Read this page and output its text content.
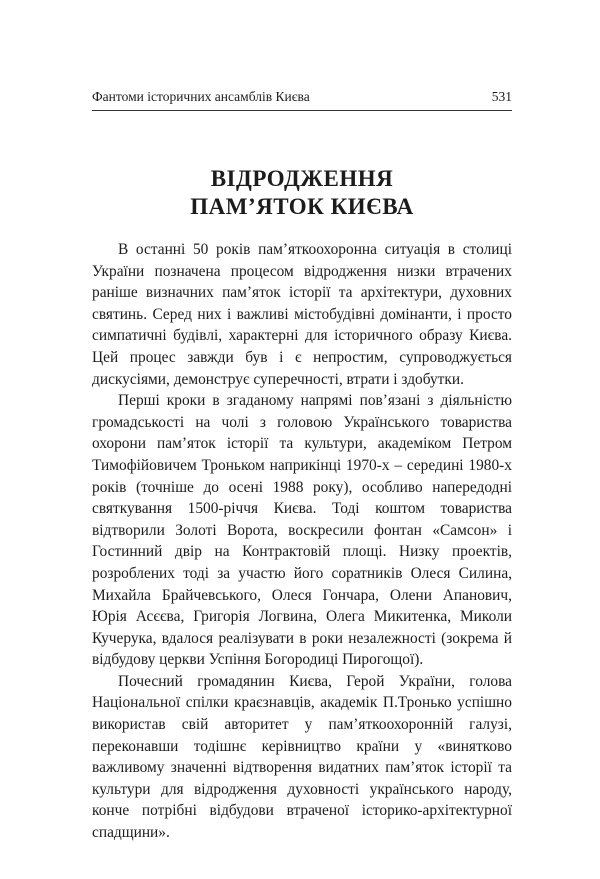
Фантоми історичних ансамблів Києва	531
ВІДРОДЖЕННЯ
ПАМ’ЯТОК КИЄВА

В останні 50 років пам’яткоохоронна ситуація в столиці України позначена процесом відродження низки втрачених раніше визначних пам’яток історії та архітектури, духовних святинь. Серед них і важливі містобудівні домінанти, і просто симпатичні будівлі, характерні для історичного образу Києва. Цей процес завжди був і є непростим, супроводжується дискусіями, демонструє суперечності, втрати і здобутки.

Перші кроки в згаданому напрямі пов’язані з діяльністю громадськості на чолі з головою Українського товариства охорони пам’яток історії та культури, академіком Петром Тимофійовичем Троньком наприкінці 1970-х – середині 1980-х років (точніше до осені 1988 року), особливо напередодні святкування 1500-річчя Києва. Тоді коштом товариства відтворили Золоті Ворота, воскресили фонтан «Самсон» і Гостинний двір на Контрактовій площі. Низку проектів, розроблених тоді за участю його соратників Олеся Силина, Михайла Брайчевського, Олеся Гончара, Олени Апанович, Юрія Асєєва, Григорія Логвина, Олега Микитенка, Миколи Кучерука, вдалося реалізувати в роки незалежності (зокрема й відбудову церкви Успіння Богородиці Пирогощої).

Почесний громадянин Києва, Герой України, голова Національної спілки краєзнавців, академік П.Тронько успішно використав свій авторитет у пам’яткоохоронній галузі, переконавши тодішнє керівництво країни у «винятково важливому значенні відтворення видатних пам’яток історії та культури для відродження духовності українського народу, конче потрібні відбудови втраченої історико-архітектурної спадщини».
